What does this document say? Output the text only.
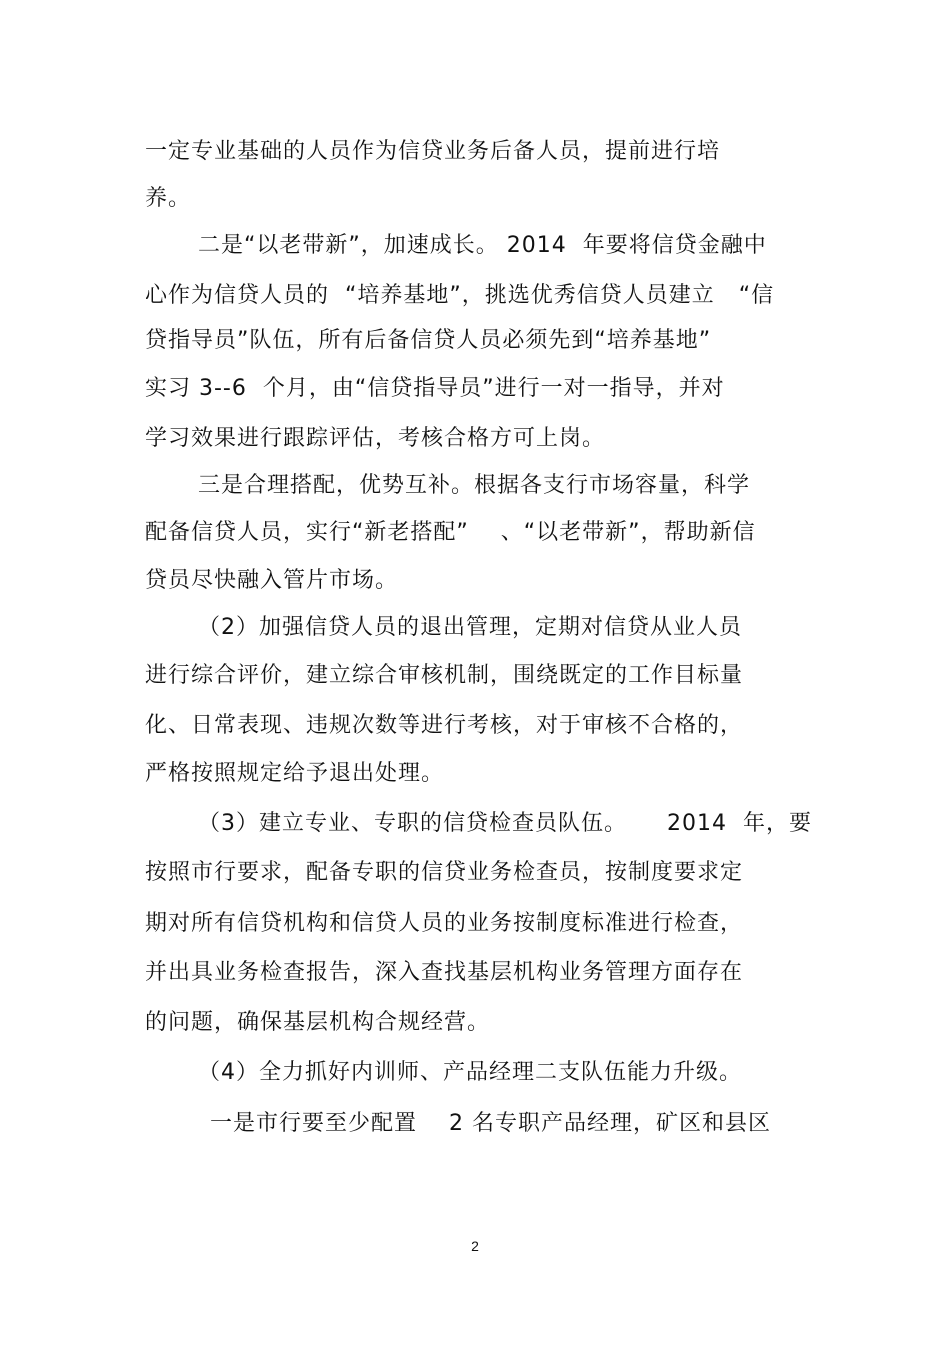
一定专业基础的人员作为信贷业务后备人员，提前进行培
养。
二是“以老带新”，加速成长。 2014  年要将信贷金融中
心作为信贷人员的  “培养基地”，挑选优秀信贷人员建立   “信
贷指导员”队伍，所有后备信贷人员必须先到“培养基地”
实习 3--6  个月，由“信贷指导员”进行一对一指导，并对
学习效果进行跟踪评估，考核合格方可上岗。
三是合理搭配，优势互补。根据各支行市场容量，科学
配备信贷人员，实行“新老搭配”    、“以老带新”，帮助新信
贷员尽快融入管片市场。
（2）加强信贷人员的退出管理，定期对信贷从业人员
进行综合评价，建立综合审核机制，围绕既定的工作目标量
化、日常表现、违规次数等进行考核，对于审核不合格的，
严格按照规定给予退出处理。
（3）建立专业、专职的信贷检查员队伍。     2014  年，要
按照市行要求，配备专职的信贷业务检查员，按制度要求定
期对所有信贷机构和信贷人员的业务按制度标准进行检查，
并出具业务检查报告，深入查找基层机构业务管理方面存在
的问题，确保基层机构合规经营。
（4）全力抓好内训师、产品经理二支队伍能力升级。
一是市行要至少配置    2 名专职产品经理，矿区和县区
2
